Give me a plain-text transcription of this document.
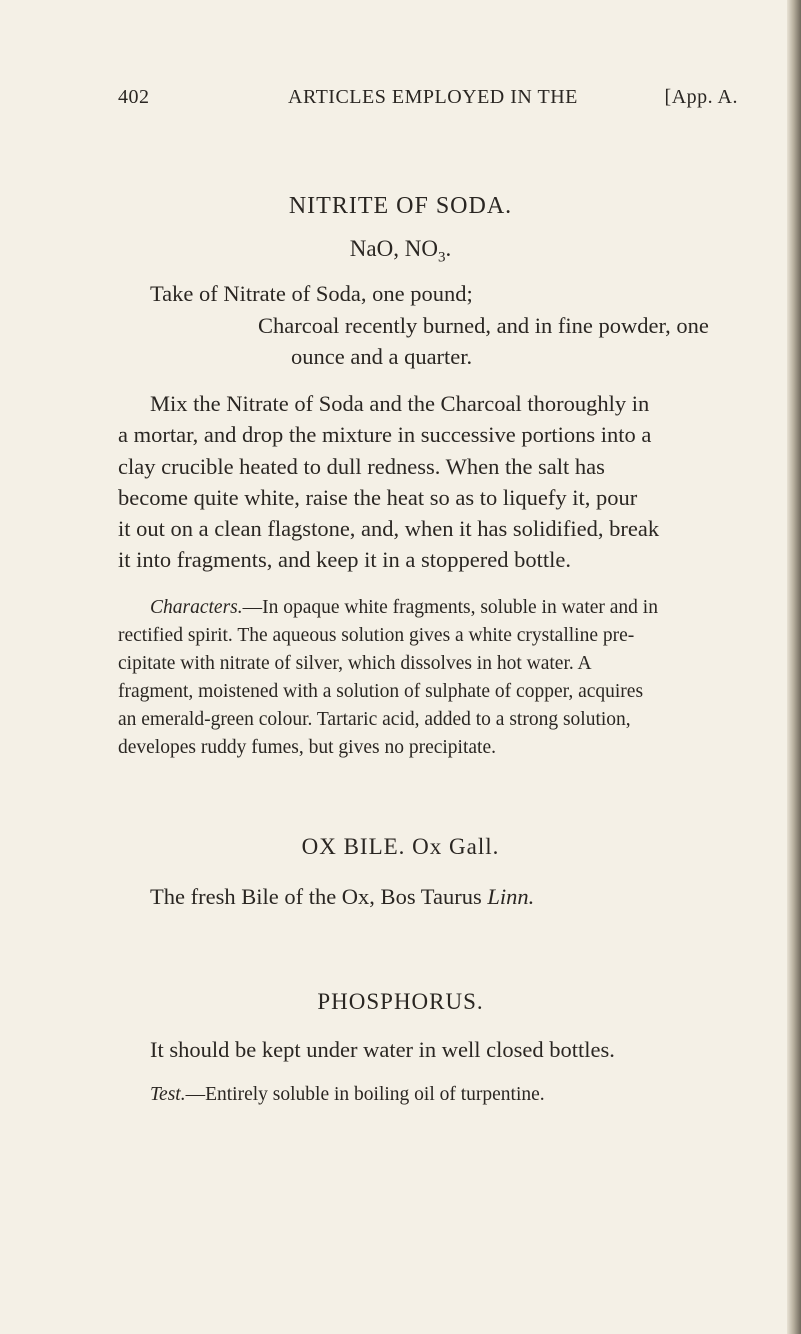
402	ARTICLES EMPLOYED IN THE	[App. A.
NITRITE OF SODA.
NaO, $NO_3$.
Take of Nitrate of Soda, one pound;
Charcoal recently burned, and in fine powder, one
ounce and a quarter.
Mix the Nitrate of Soda and the Charcoal thoroughly in
a mortar, and drop the mixture in successive portions into a
clay crucible heated to dull redness. When the salt has
become quite white, raise the heat so as to liquefy it, pour
it out on a clean flagstone, and, when it has solidified, break
it into fragments, and keep it in a stoppered bottle.
Characters.—In opaque white fragments, soluble in water and in
rectified spirit. The aqueous solution gives a white crystalline pre-
cipitate with nitrate of silver, which dissolves in hot water. A
fragment, moistened with a solution of sulphate of copper, acquires
an emerald-green colour. Tartaric acid, added to a strong solution,
developes ruddy fumes, but gives no precipitate.
OX BILE. Ox Gall.
The fresh Bile of the Ox, Bos Taurus Linn.
PHOSPHORUS.
It should be kept under water in well closed bottles.
Test.—Entirely soluble in boiling oil of turpentine.
